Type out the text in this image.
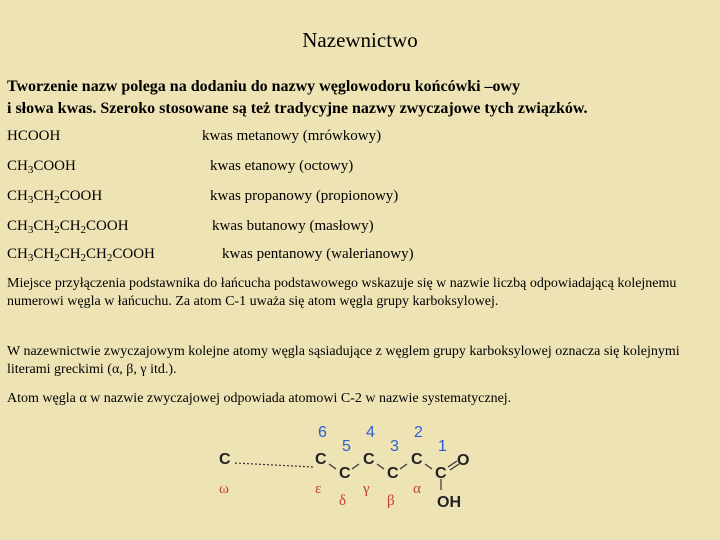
Nazewnictwo
Tworzenie nazw polega na dodaniu do nazwy węglowodoru końcówki –owy
i słowa kwas. Szeroko stosowane są też tradycyjne nazwy zwyczajowe tych związków.
HCOOH	kwas metanowy (mrówkowy)
$CH_3COOH$	kwas etanowy (octowy)
$CH_3CH_2COOH$	kwas propanowy (propionowy)
$CH_3CH_2CH_2COOH$	kwas butanowy (masłowy)
$CH_3CH_2CH_2CH_2COOH$	kwas pentanowy (walerianowy)
Miejsce przyłączenia podstawnika do łańcucha podstawowego wskazuje się w nazwie liczbą odpowiadającą kolejnemu numerowi węgla w łańcuchu. Za atom C-1 uważa się atom węgla grupy karboksylowej.
W nazewnictwie zwyczajowym kolejne atomy węgla sąsiadujące z węglem grupy karboksylowej oznacza się kolejnymi literami greckimi (α, β, γ itd.).
Atom węgla α w nazwie zwyczajowej odpowiada atomowi C-2 w nazwie systematycznej.
6
5
4
3
2
1
C	C
C
C
C
C
C
O
OH
ω	ε
δ
γ
β
α
